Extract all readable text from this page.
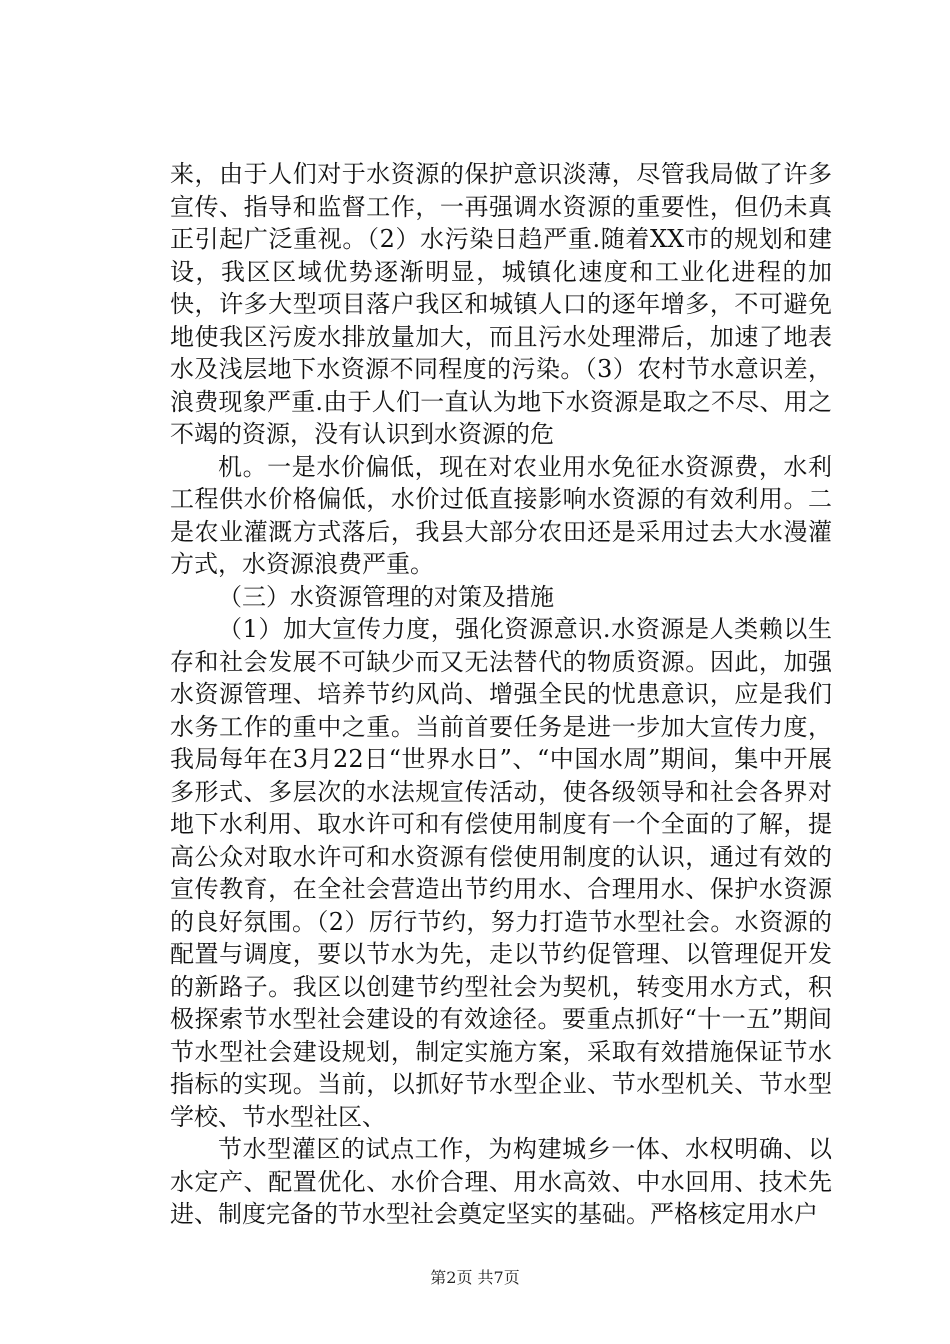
来，由于人们对于水资源的保护意识淡薄，尽管我局做了许多宣传、指导和监督工作，一再强调水资源的重要性，但仍未真正引起广泛重视。（2）水污染日趋严重.随着XX市的规划和建设，我区区域优势逐渐明显，城镇化速度和工业化进程的加快，许多大型项目落户我区和城镇人口的逐年增多，不可避免地使我区污废水排放量加大，而且污水处理滞后，加速了地表水及浅层地下水资源不同程度的污染。（3）农村节水意识差，浪费现象严重.由于人们一直认为地下水资源是取之不尽、用之不竭的资源，没有认识到水资源的危

机。一是水价偏低，现在对农业用水免征水资源费，水利工程供水价格偏低，水价过低直接影响水资源的有效利用。二是农业灌溉方式落后，我县大部分农田还是采用过去大水漫灌方式，水资源浪费严重。

（三）水资源管理的对策及措施

（1）加大宣传力度，强化资源意识.水资源是人类赖以生存和社会发展不可缺少而又无法替代的物质资源。因此，加强水资源管理、培养节约风尚、增强全民的忧患意识，应是我们水务工作的重中之重。当前首要任务是进一步加大宣传力度，我局每年在3月22日“世界水日”、“中国水周”期间，集中开展多形式、多层次的水法规宣传活动，使各级领导和社会各界对地下水利用、取水许可和有偿使用制度有一个全面的了解，提高公众对取水许可和水资源有偿使用制度的认识，通过有效的宣传教育，在全社会营造出节约用水、合理用水、保护水资源的良好氛围。（2）厉行节约，努力打造节水型社会。水资源的配置与调度，要以节水为先，走以节约促管理、以管理促开发的新路子。我区以创建节约型社会为契机，转变用水方式，积极探索节水型社会建设的有效途径。要重点抓好“十一五”期间节水型社会建设规划，制定实施方案，采取有效措施保证节水指标的实现。当前，以抓好节水型企业、节水型机关、节水型学校、节水型社区、

节水型灌区的试点工作，为构建城乡一体、水权明确、以水定产、配置优化、水价合理、用水高效、中水回用、技术先进、制度完备的节水型社会奠定坚实的基础。严格核定用水户

第2页 共7页
